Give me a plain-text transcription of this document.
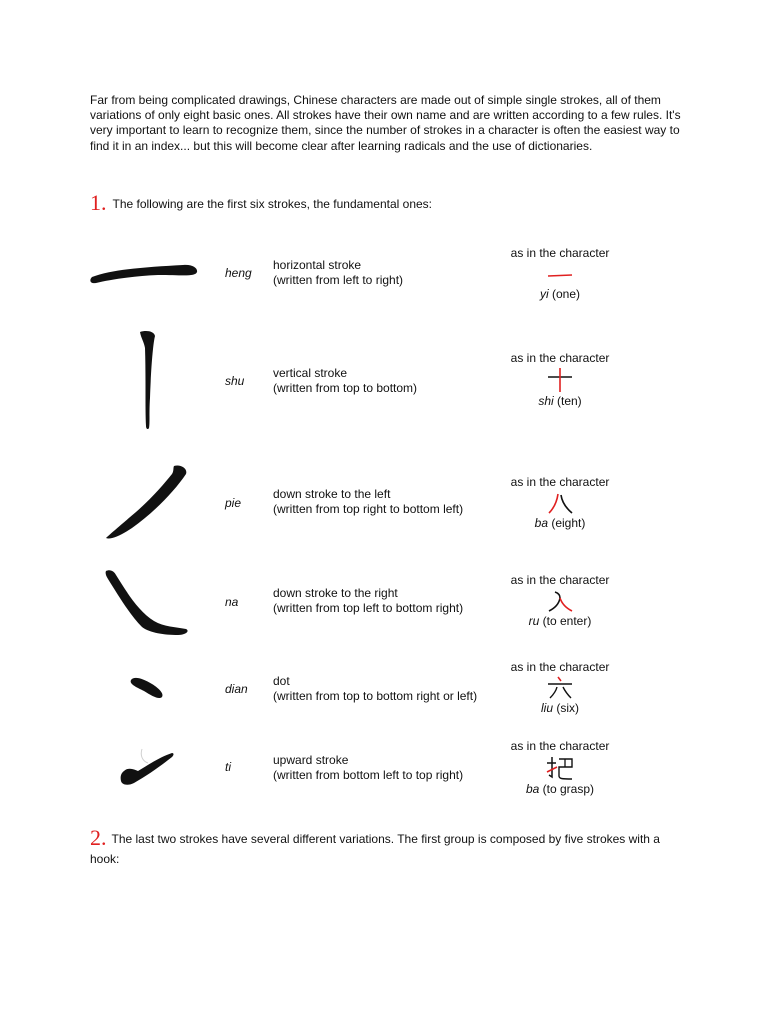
Far from being complicated drawings, Chinese characters are made out of simple single strokes, all of them variations of only eight basic ones. All strokes have their own name and are written according to a few rules. It's very important to learn to recognize them, since the number of strokes in a character is often the easiest way to find it in an index... but this will become clear after learning radicals and the use of dictionaries.

1. The following are the first six strokes, the fundamental ones:
heng
horizontal stroke
(written from left to right)
as in the character
yi (one)
shu
vertical stroke
(written from top to bottom)
as in the character
shi (ten)
pie
down stroke to the left
(written from top right to bottom left)
as in the character
ba (eight)
na
down stroke to the right
(written from top left to bottom right)
as in the character
ru (to enter)
dian
dot
(written from top to bottom right or left)
as in the character
liu (six)
ti	upward stroke
(written from bottom left to top right)
as in the character
ba (to grasp)
2. The last two strokes have several different variations. The first group is composed by five strokes with a hook:
